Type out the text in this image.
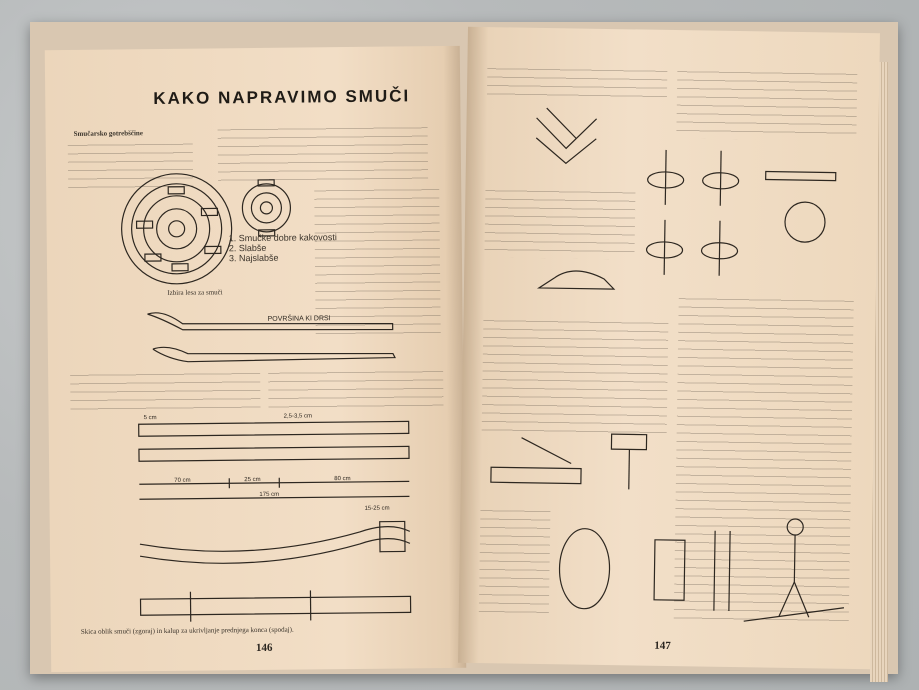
KAKO NAPRAVIMO SMUČI
Smučarsko gotrebščine
1. Smučke dobre kakovosti
2. Slabše
3. Najslabše
Izbira lesa za smuči
POVRŠINA KI DRSI
70 cm	25 cm	80 cm
175 cm
2,5-3,5 cm
5 cm
15-25 cm
Skica oblik smuči (zgoraj) in kalup za ukrivljanje prednjega konca (spodaj).
146	147
